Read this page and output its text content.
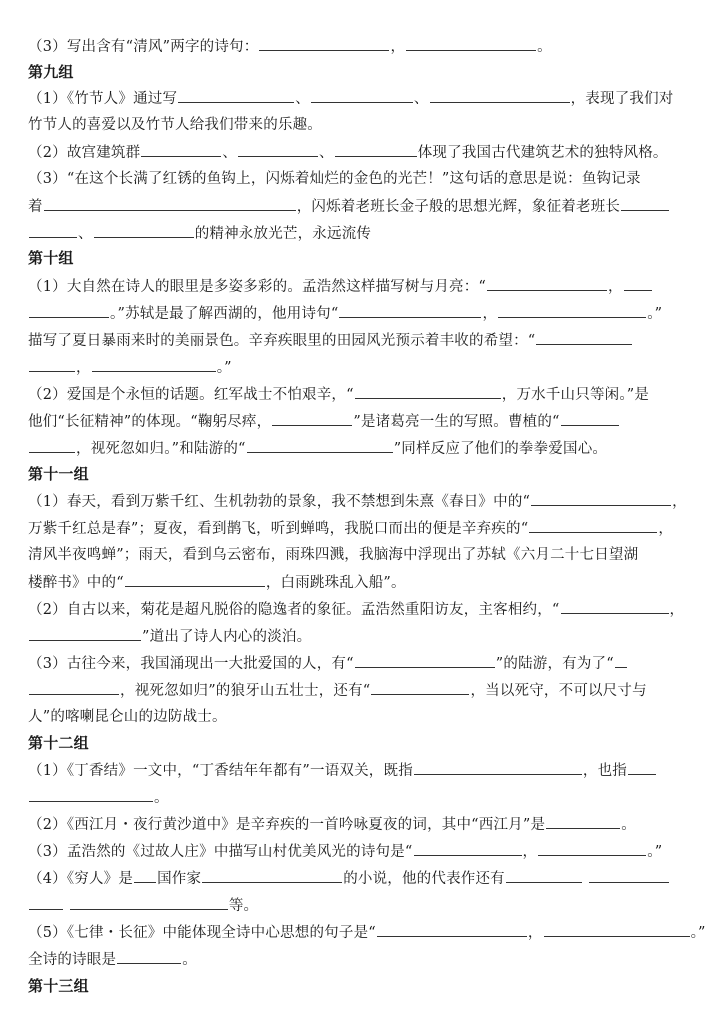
（3）写出含有“清风”两字的诗句：	，	。
第九组
（1）《竹节人》通过写	、	、	，表现了我们对
竹节人的喜爱以及竹节人给我们带来的乐趣。
（2）故宫建筑群	、	、	体现了我国古代建筑艺术的独特风格。
（3）“在这个长满了红锈的鱼钩上，闪烁着灿烂的金色的光芒！”这句话的意思是说：鱼钩记录
着	，闪烁着老班长金子般的思想光辉，象征着老班长
、	的精神永放光芒，永远流传
第十组
（1）大自然在诗人的眼里是多姿多彩的。孟浩然这样描写树与月亮：“	，
。”苏轼是最了解西湖的，他用诗句“	，	。”
描写了夏日暴雨来时的美丽景色。辛弃疾眼里的田园风光预示着丰收的希望：“
，	。”
（2）爱国是个永恒的话题。红军战士不怕艰辛，“	，万水千山只等闲。”是
他们“长征精神”的体现。“鞠躬尽瘁，	”是诸葛亮一生的写照。曹植的“
，视死忽如归。”和陆游的“	”同样反应了他们的拳拳爱国心。
第十一组
（1）春天，看到万紫千红、生机勃勃的景象，我不禁想到朱熹《春日》中的“	，
万紫千红总是春”；夏夜，看到鹊飞，听到蝉鸣，我脱口而出的便是辛弃疾的“	，
清风半夜鸣蝉”；雨天，看到乌云密布，雨珠四溅，我脑海中浮现出了苏轼《六月二十七日望湖
楼醉书》中的“	，白雨跳珠乱入船”。
（2）自古以来，菊花是超凡脱俗的隐逸者的象征。孟浩然重阳访友，主客相约，“	，
”道出了诗人内心的淡泊。
（3）古往今来，我国涌现出一大批爱国的人，有“	”的陆游，有为了“
，视死忽如归”的狼牙山五壮士，还有“	，当以死守，不可以尺寸与
人”的喀喇昆仑山的边防战士。
第十二组
（1）《丁香结》一文中，“丁香结年年都有”一语双关，既指	，也指
。
（2）《西江月・夜行黄沙道中》是辛弃疾的一首吟咏夏夜的词，其中“西江月”是	。
（3）孟浩然的《过故人庄》中描写山村优美风光的诗句是“	，	。”
（4）《穷人》是 国作家	的小说，他的代表作还有
等。
（5）《七律・长征》中能体现全诗中心思想的句子是“	，	。”
全诗的诗眼是	。
第十三组
